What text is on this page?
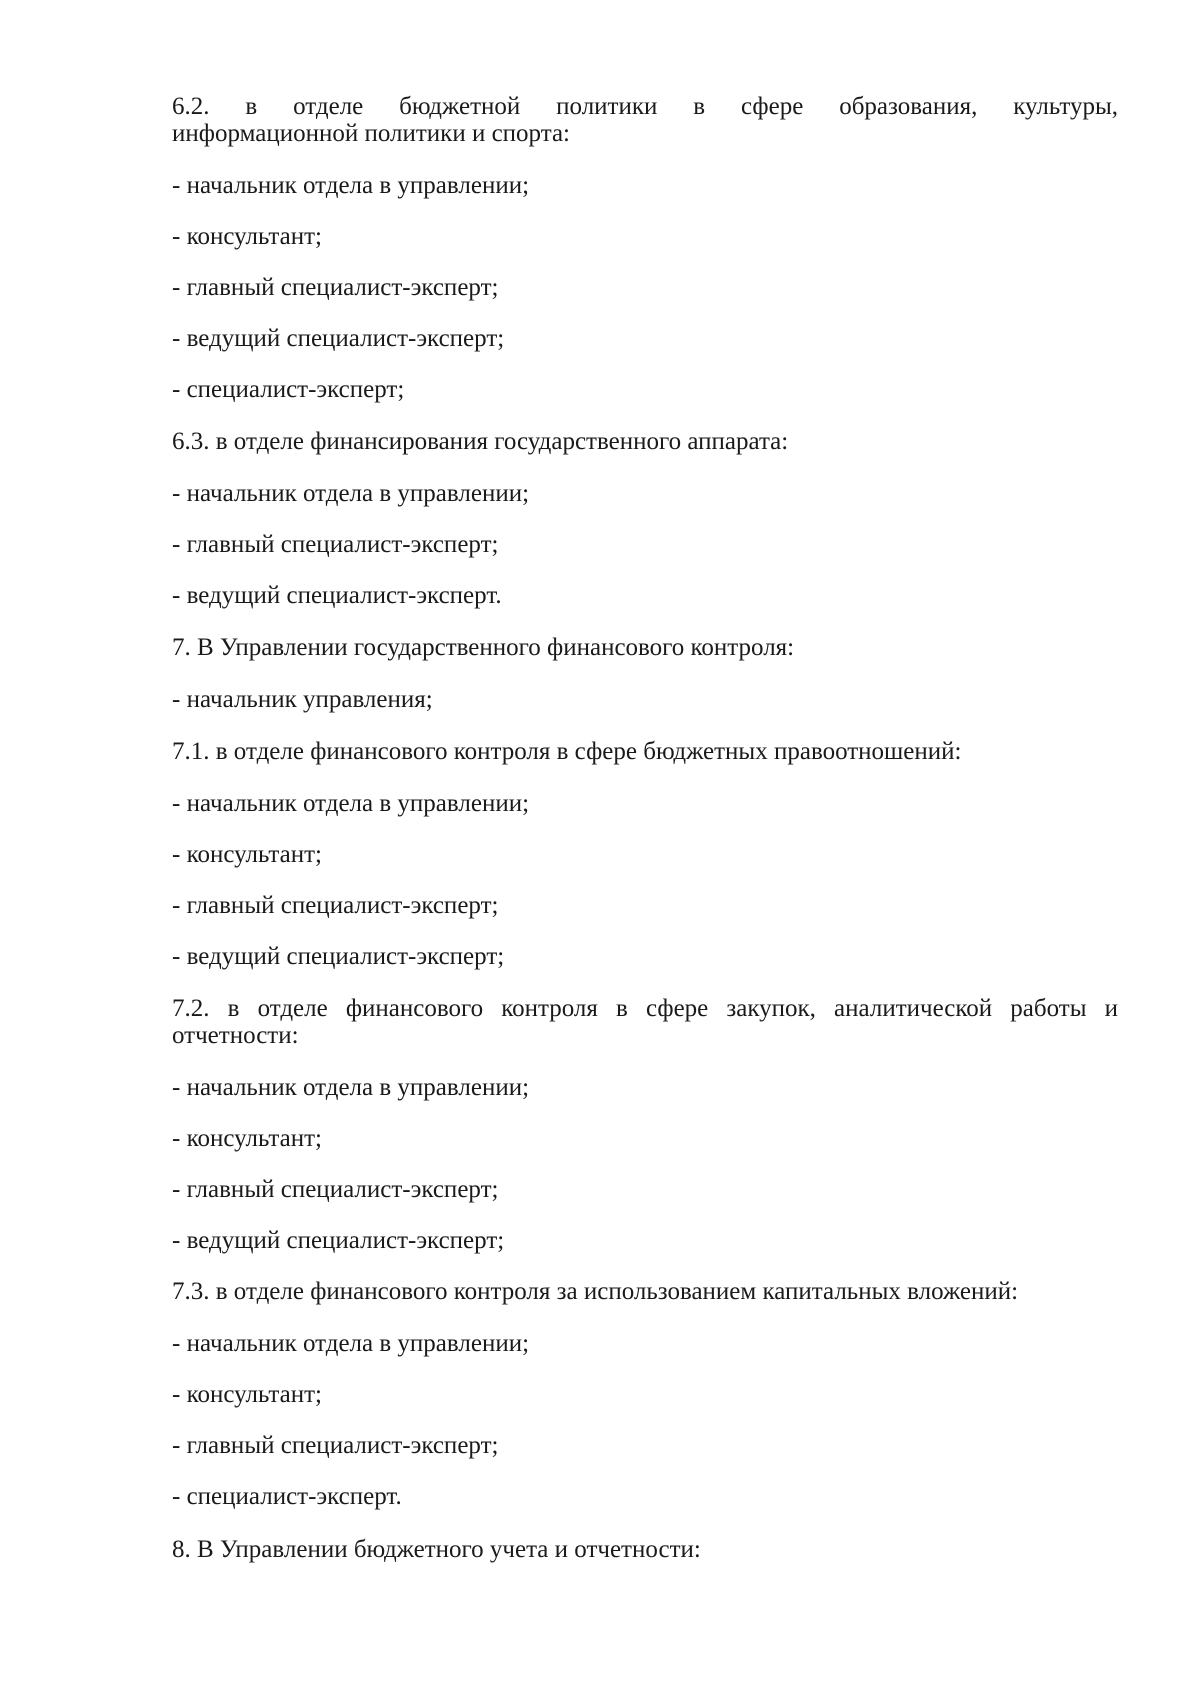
6.2. в отделе бюджетной политики в сфере образования, культуры,
информационной политики и спорта:
- начальник отдела в управлении;
- консультант;
- главный специалист-эксперт;
- ведущий специалист-эксперт;
- специалист-эксперт;
6.3. в отделе финансирования государственного аппарата:
- начальник отдела в управлении;
- главный специалист-эксперт;
- ведущий специалист-эксперт.
7. В Управлении государственного финансового контроля:
- начальник управления;
7.1. в отделе финансового контроля в сфере бюджетных правоотношений:
- начальник отдела в управлении;
- консультант;
- главный специалист-эксперт;
- ведущий специалист-эксперт;
7.2. в отделе финансового контроля в сфере закупок, аналитической работы и
отчетности:
- начальник отдела в управлении;
- консультант;
- главный специалист-эксперт;
- ведущий специалист-эксперт;
7.3. в отделе финансового контроля за использованием капитальных вложений:
- начальник отдела в управлении;
- консультант;
- главный специалист-эксперт;
- специалист-эксперт.
8. В Управлении бюджетного учета и отчетности:
